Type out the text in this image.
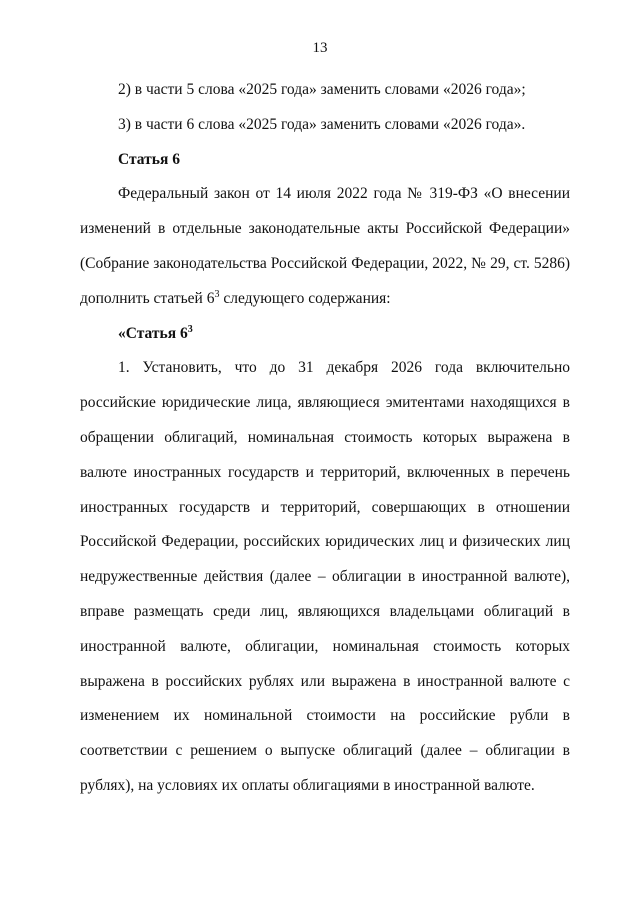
13

2) в части 5 слова «2025 года» заменить словами «2026 года»;

3) в части 6 слова «2025 года» заменить словами «2026 года».

Статья 6

Федеральный закон от 14 июля 2022 года № 319-ФЗ «О внесении изменений в отдельные законодательные акты Российской Федерации» (Собрание законодательства Российской Федерации, 2022, № 29, ст. 5286) дополнить статьей $6^3$ следующего содержания:

«Статья $6^3$

1. Установить, что до 31 декабря 2026 года включительно российские юридические лица, являющиеся эмитентами находящихся в обращении облигаций, номинальная стоимость которых выражена в валюте иностранных государств и территорий, включенных в перечень иностранных государств и территорий, совершающих в отношении Российской Федерации, российских юридических лиц и физических лиц недружественные действия (далее – облигации в иностранной валюте), вправе размещать среди лиц, являющихся владельцами облигаций в иностранной валюте, облигации, номинальная стоимость которых выражена в российских рублях или выражена в иностранной валюте с изменением их номинальной стоимости на российские рубли в соответствии с решением о выпуске облигаций (далее – облигации в рублях), на условиях их оплаты облигациями в иностранной валюте.
